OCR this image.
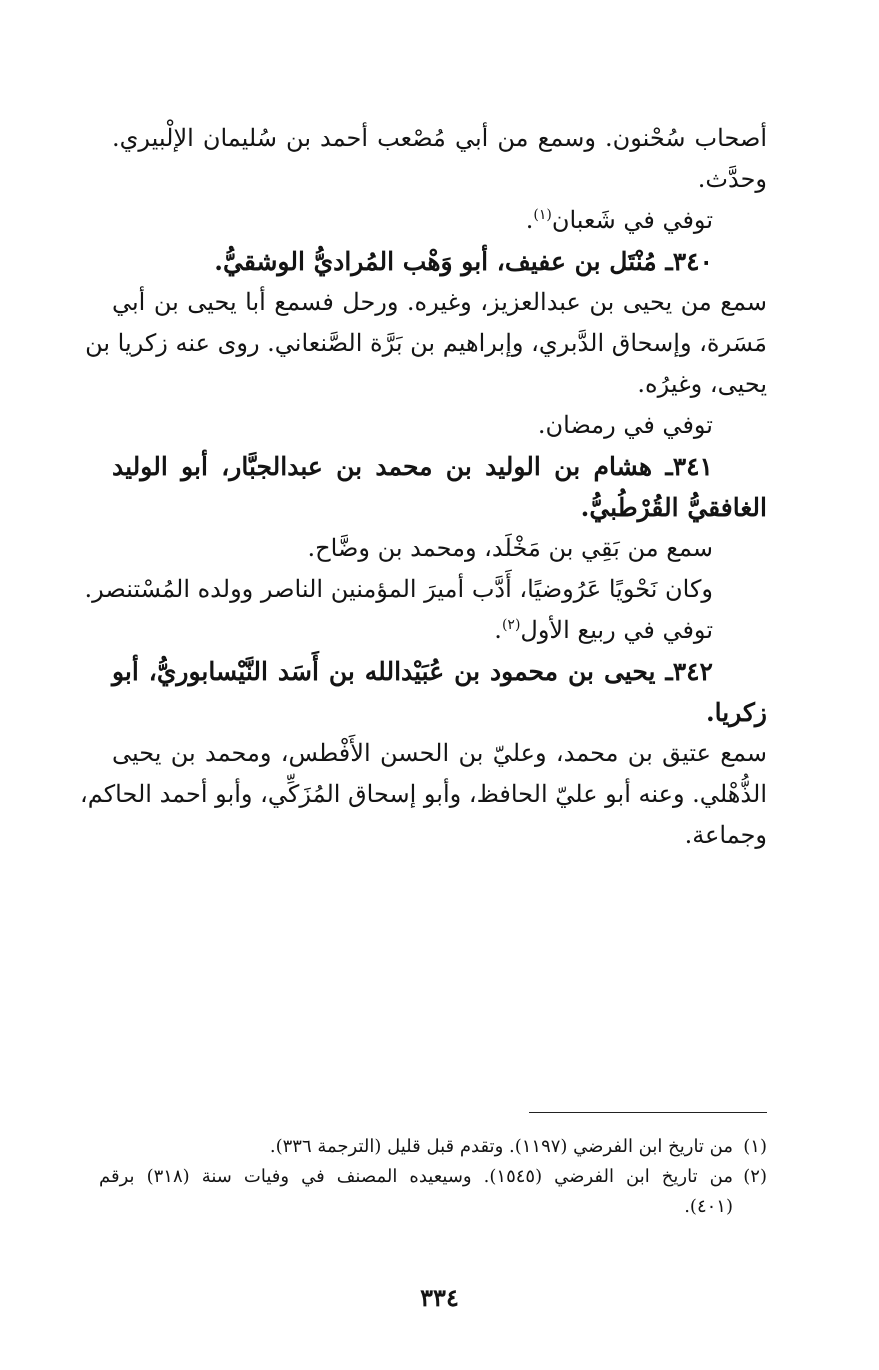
أصحاب سُحْنون. وسمع من أبي مُصْعب أحمد بن سُليمان الإلْبيري.
وحدَّث.
توفي في شَعبان$^{(١)}$.
٣٤٠ـ مُنْتَل بن عفيف، أبو وَهْب المُراديُّ الوشقيُّ.
سمع من يحيى بن عبدالعزيز، وغيره. ورحل فسمع أبا يحيى بن أبي
مَسَرة، وإسحاق الدَّبري، وإبراهيم بن بَرَّة الصَّنعاني. روى عنه زكريا بن
يحيى، وغيرُه.
توفي في رمضان.
٣٤١ـ هشام بن الوليد بن محمد بن عبدالجبَّار، أبو الوليد
الغافقيُّ القُرْطُبيُّ.
سمع من بَقِي بن مَخْلَد، ومحمد بن وضَّاح.
وكان نَحْويًا عَرُوضيًا، أَدَّب أميرَ المؤمنين الناصر وولده المُسْتنصر.
توفي في ربيع الأول$^{(٢)}$.
٣٤٢ـ يحيى بن محمود بن عُبَيْدالله بن أَسَد النَّيْسابوريُّ، أبو
زكريا.
سمع عتيق بن محمد، وعليّ بن الحسن الأَفْطس، ومحمد بن يحيى
الذُّهْلي. وعنه أبو عليّ الحافظ، وأبو إسحاق المُزَكِّي، وأبو أحمد الحاكم،
وجماعة.
(١)
من تاريخ ابن الفرضي (١١٩٧). وتقدم قبل قليل (الترجمة ٣٣٦).
(٢)
من تاريخ ابن الفرضي (١٥٤٥). وسيعيده المصنف في وفيات سنة (٣١٨) برقم
(٤٠١).
٣٣٤
